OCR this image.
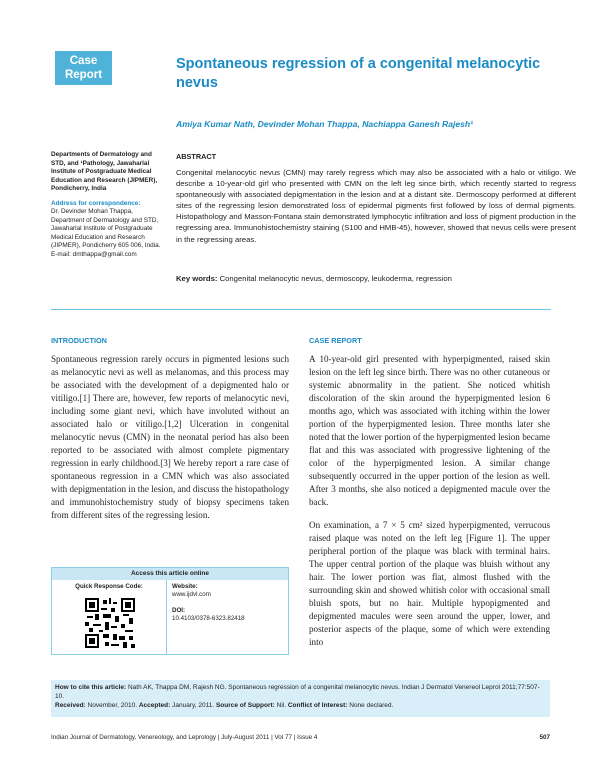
Case
Report
Spontaneous regression of a congenital melanocytic nevus
Amiya Kumar Nath, Devinder Mohan Thappa, Nachiappa Ganesh Rajesh¹
Departments of Dermatology and STD, and ¹Pathology, Jawaharlal Institute of Postgraduate Medical Education and Research (JIPMER), Pondicherry, India
Address for correspondence:
Dr. Devinder Mohan Thappa, Department of Dermatology and STD, Jawaharlal Institute of Postgraduate Medical Education and Research (JIPMER), Pondicherry 605 006, India.
E-mail: dmthappa@gmail.com
ABSTRACT
Congenital melanocytic nevus (CMN) may rarely regress which may also be associated with a halo or vitiligo. We describe a 10-year-old girl who presented with CMN on the left leg since birth, which recently started to regress spontaneously with associated depigmentation in the lesion and at a distant site. Dermoscopy performed at different sites of the regressing lesion demonstrated loss of epidermal pigments first followed by loss of dermal pigments. Histopathology and Masson-Fontana stain demonstrated lymphocytic infiltration and loss of pigment production in the regressing area. Immunohistochemistry staining (S100 and HMB-45), however, showed that nevus cells were present in the regressing areas.
Key words: Congenital melanocytic nevus, dermoscopy, leukoderma, regression
INTRODUCTION

Spontaneous regression rarely occurs in pigmented lesions such as melanocytic nevi as well as melanomas, and this process may be associated with the development of a depigmented halo or vitiligo.[1] There are, however, few reports of melanocytic nevi, including some giant nevi, which have involuted without an associated halo or vitiligo.[1,2] Ulceration in congenital melanocytic nevus (CMN) in the neonatal period has also been reported to be associated with almost complete pigmentary regression in early childhood.[3] We hereby report a rare case of spontaneous regression in a CMN which was also associated with depigmentation in the lesion, and discuss the histopathology and immunohistochemistry study of biopsy specimens taken from different sites of the regressing lesion.

Access this article online
Quick Response Code:	Website:
www.ijdvl.com
DOI:
10.4103/0378-6323.82418
CASE REPORT

A 10-year-old girl presented with hyperpigmented, raised skin lesion on the left leg since birth. There was no other cutaneous or systemic abnormality in the patient. She noticed whitish discoloration of the skin around the hyperpigmented lesion 6 months ago, which was associated with itching within the lower portion of the hyperpigmented lesion. Three months later she noted that the lower portion of the hyperpigmented lesion became flat and this was associated with progressive lightening of the color of the hyperpigmented lesion. A similar change subsequently occurred in the upper portion of the lesion as well. After 3 months, she also noticed a depigmented macule over the back.

On examination, a 7 × 5 cm² sized hyperpigmented, verrucous raised plaque was noted on the left leg [Figure 1]. The upper peripheral portion of the plaque was black with terminal hairs. The upper central portion of the plaque was bluish without any hair. The lower portion was flat, almost flushed with the surrounding skin and showed whitish color with occasional small bluish spots, but no hair. Multiple hypopigmented and depigmented macules were seen around the upper, lower, and posterior aspects of the plaque, some of which were extending into

How to cite this article: Nath AK, Thappa DM, Rajesh NG. Spontaneous regression of a congenital melanocytic nevus. Indian J Dermatol Venereol Leprol 2011;77:507-10.
Received: November, 2010. Accepted: January, 2011. Source of Support: Nil. Conflict of Interest: None declared.
Indian Journal of Dermatology, Venereology, and Leprology | July-August 2011 | Vol 77 | Issue 4	507
